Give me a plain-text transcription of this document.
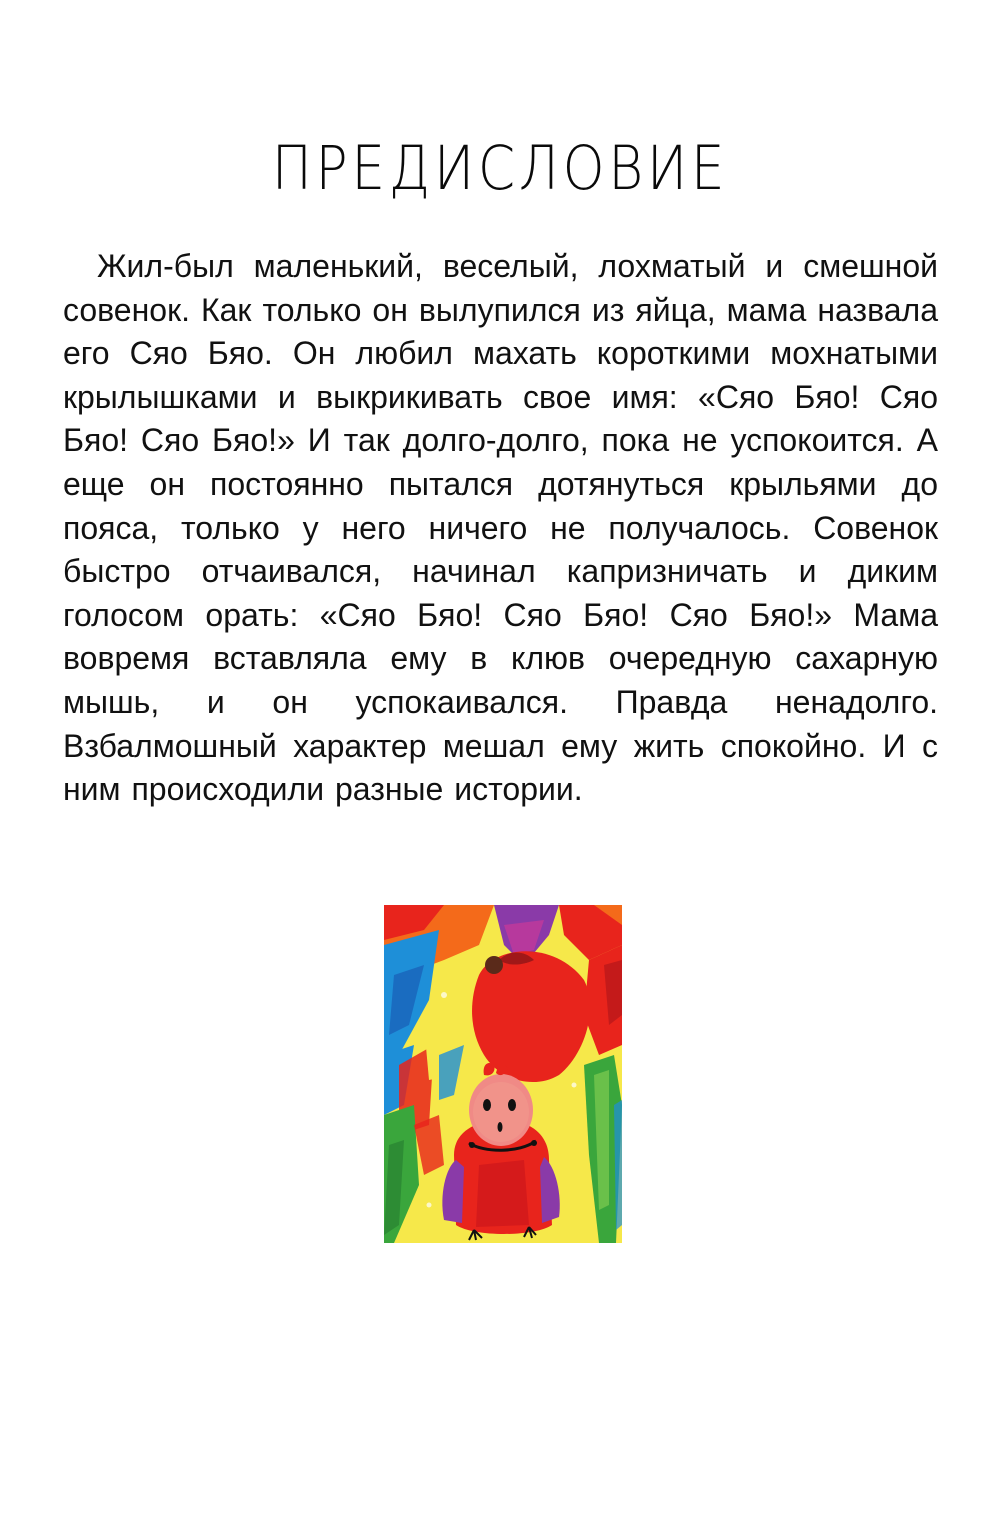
ПРЕДИСЛОВИЕ

Жил-был маленький, веселый, лохматый и смешной совенок. Как только он вылупился из яйца, мама назвала его Сяо Бяо. Он любил махать короткими мохнатыми крылышками и выкрикивать свое имя: «Сяо Бяо! Сяо Бяо! Сяо Бяо!» И так долго-долго, пока не успокоится. А еще он постоянно пытался дотянуться крыльями до пояса, только у него ничего не получалось. Совенок быстро отчаивался, начинал капризничать и диким голосом орать: «Сяо Бяо! Сяо Бяо! Сяо Бяо!» Мама вовремя вставляла ему в клюв очередную сахарную мышь, и он успокаивался. Правда ненадолго. Взбалмошный характер мешал ему жить спокойно. И с ним происходили разные истории.
